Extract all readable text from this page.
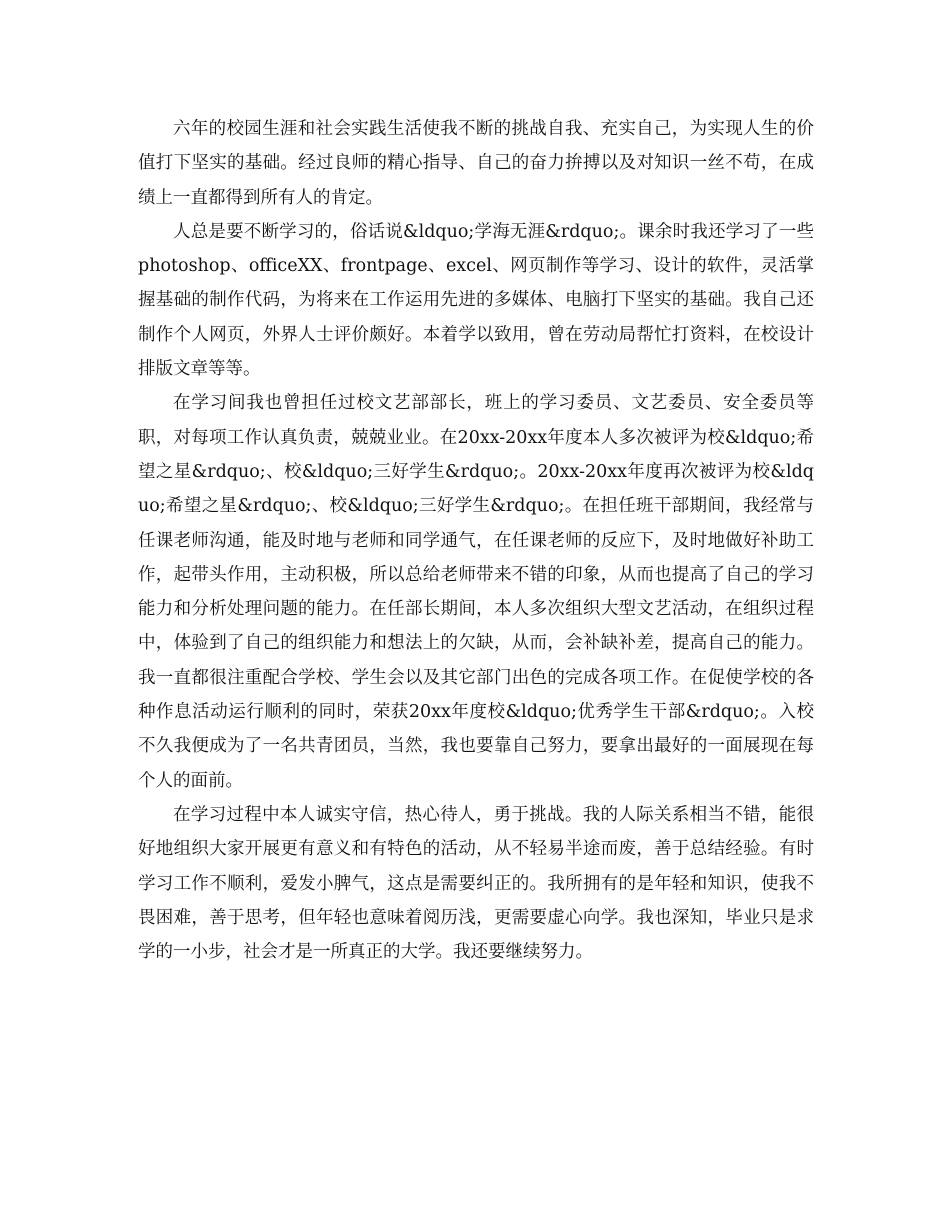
六年的校园生涯和社会实践生活使我不断的挑战自我、充实自己，为实现人生的价值打下坚实的基础。经过良师的精心指导、自己的奋力拚搏以及对知识一丝不苟，在成绩上一直都得到所有人的肯定。

人总是要不断学习的，俗话说&ldquo;学海无涯&rdquo;。课余时我还学习了一些photoshop、officeXX、frontpage、excel、网页制作等学习、设计的软件，灵活掌握基础的制作代码，为将来在工作运用先进的多媒体、电脑打下坚实的基础。我自己还制作个人网页，外界人士评价颇好。本着学以致用，曾在劳动局帮忙打资料，在校设计排版文章等等。

在学习间我也曾担任过校文艺部部长，班上的学习委员、文艺委员、安全委员等职，对每项工作认真负责，兢兢业业。在20xx-20xx年度本人多次被评为校&ldquo;希望之星&rdquo;、校&ldquo;三好学生&rdquo;。20xx-20xx年度再次被评为校&ldquo;希望之星&rdquo;、校&ldquo;三好学生&rdquo;。在担任班干部期间，我经常与任课老师沟通，能及时地与老师和同学通气，在任课老师的反应下，及时地做好补助工作，起带头作用，主动积极，所以总给老师带来不错的印象，从而也提高了自己的学习能力和分析处理问题的能力。在任部长期间，本人多次组织大型文艺活动，在组织过程中，体验到了自己的组织能力和想法上的欠缺，从而，会补缺补差，提高自己的能力。我一直都很注重配合学校、学生会以及其它部门出色的完成各项工作。在促使学校的各种作息活动运行顺利的同时，荣获20xx年度校&ldquo;优秀学生干部&rdquo;。入校不久我便成为了一名共青团员，当然，我也要靠自己努力，要拿出最好的一面展现在每个人的面前。

在学习过程中本人诚实守信，热心待人，勇于挑战。我的人际关系相当不错，能很好地组织大家开展更有意义和有特色的活动，从不轻易半途而废，善于总结经验。有时学习工作不顺利，爱发小脾气，这点是需要纠正的。我所拥有的是年轻和知识，使我不畏困难，善于思考，但年轻也意味着阅历浅，更需要虚心向学。我也深知，毕业只是求学的一小步，社会才是一所真正的大学。我还要继续努力。
